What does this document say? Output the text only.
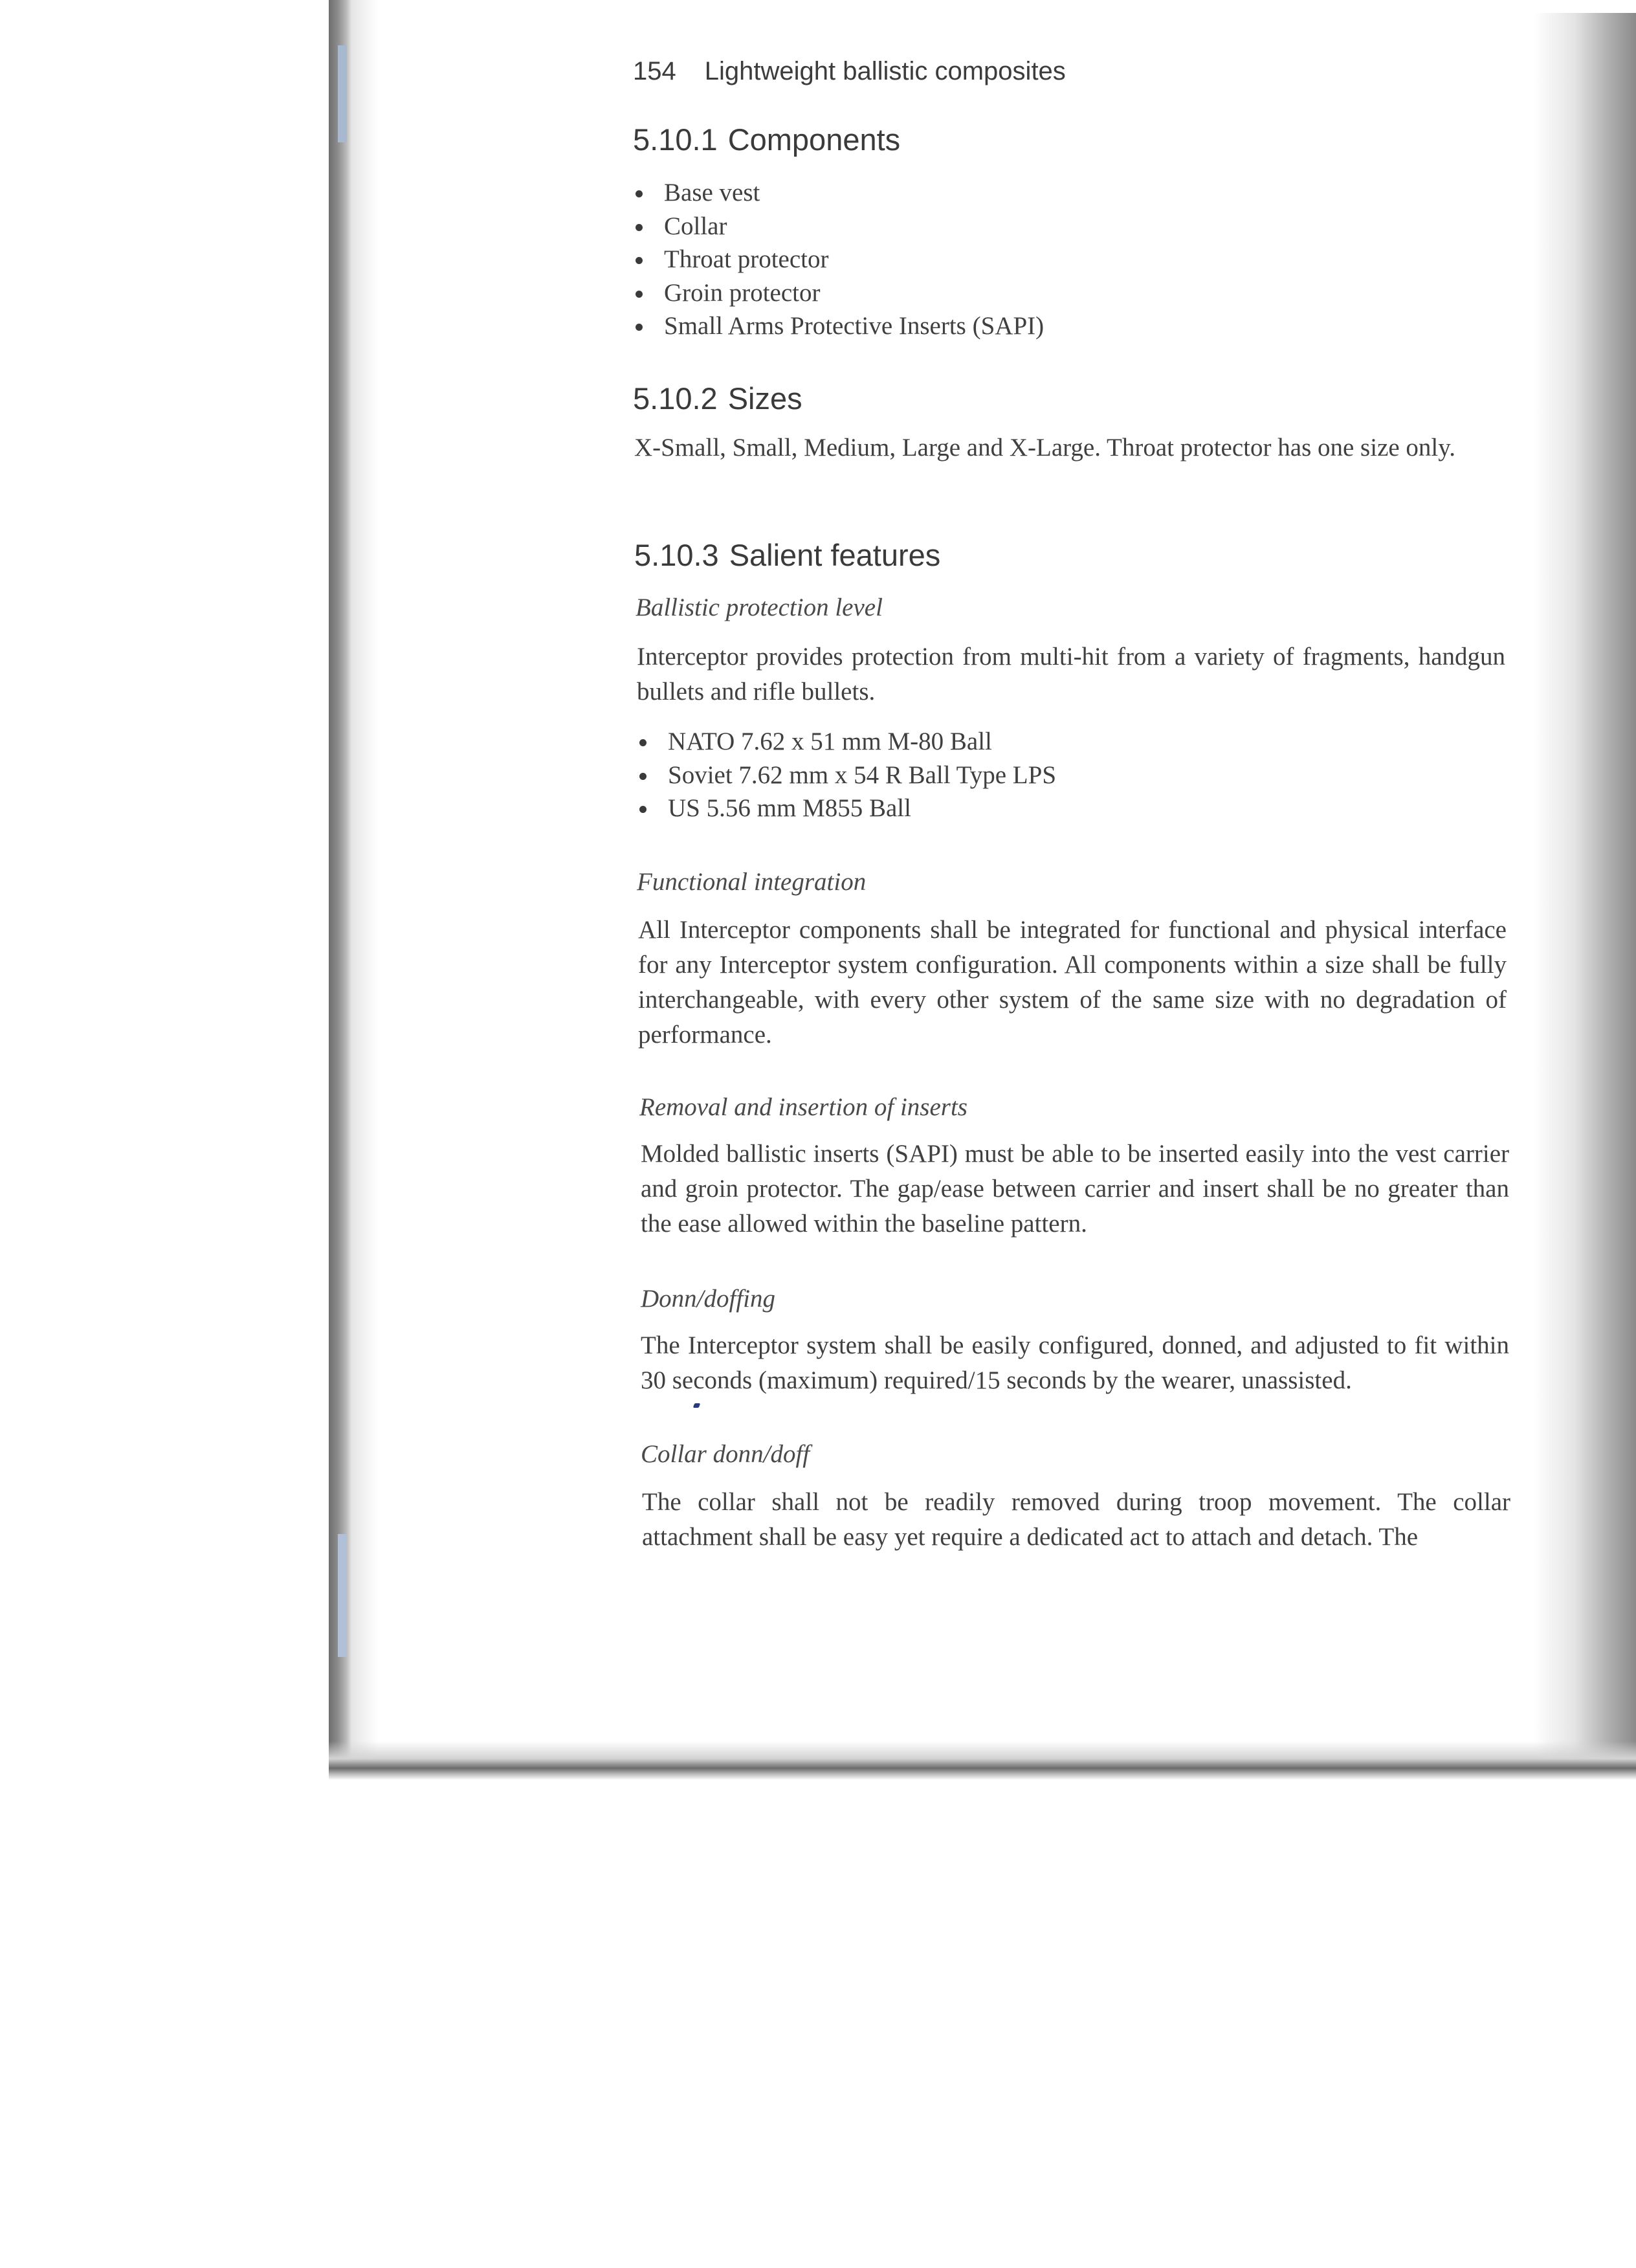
154 Lightweight ballistic composites
5.10.1 Components
Base vest
Collar
Throat protector
Groin protector
Small Arms Protective Inserts (SAPI)
5.10.2 Sizes

X-Small, Small, Medium, Large and X-Large. Throat protector has one size only.

5.10.3 Salient features
Ballistic protection level

Interceptor provides protection from multi-hit from a variety of fragments, handgun bullets and rifle bullets.

NATO 7.62 x 51 mm M-80 Ball
Soviet 7.62 mm x 54 R Ball Type LPS
US 5.56 mm M855 Ball
Functional integration

All Interceptor components shall be integrated for functional and physical interface for any Interceptor system configuration. All components within a size shall be fully interchangeable, with every other system of the same size with no degradation of performance.

Removal and insertion of inserts

Molded ballistic inserts (SAPI) must be able to be inserted easily into the vest carrier and groin protector. The gap/ease between carrier and insert shall be no greater than the ease allowed within the baseline pattern.

Donn/doffing

The Interceptor system shall be easily configured, donned, and adjusted to fit within 30 seconds (maximum) required/15 seconds by the wearer, unassisted.

Collar donn/doff

The collar shall not be readily removed during troop movement. The collar attachment shall be easy yet require a dedicated act to attach and detach. The
